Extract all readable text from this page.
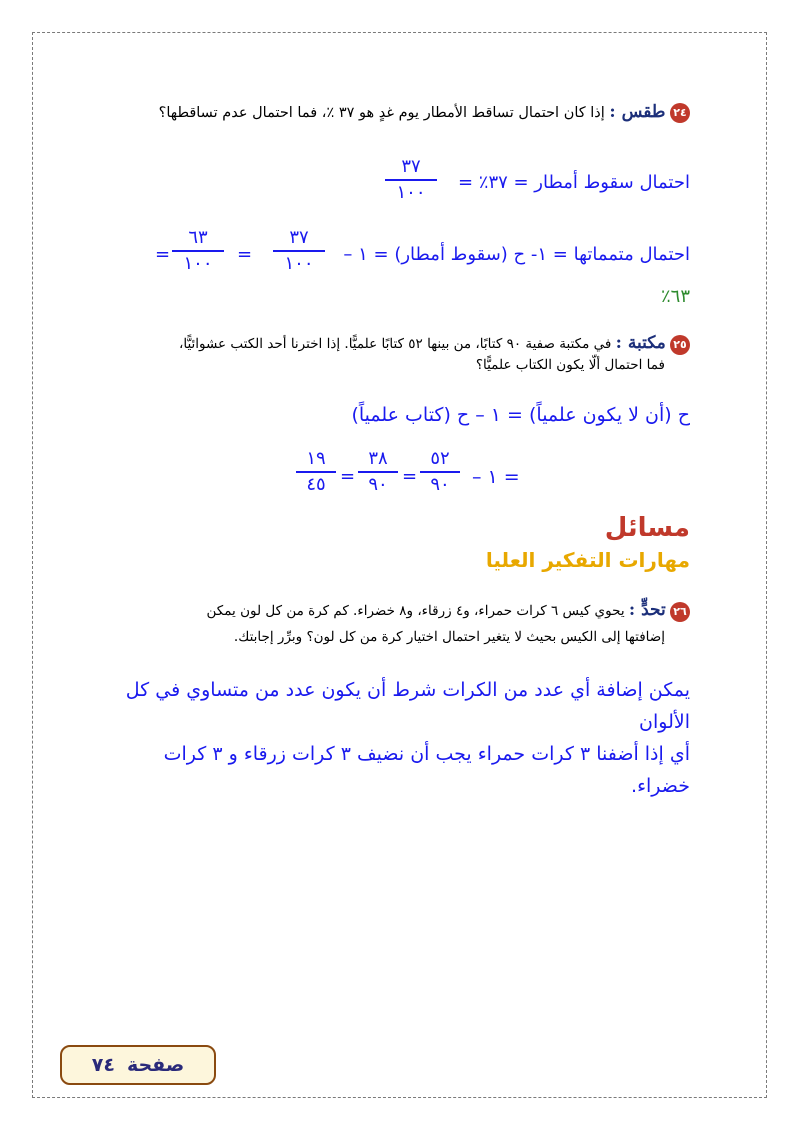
٢٤ طقس : إذا كان احتمال تساقط الأمطار يوم غدٍ هو ٣٧ ٪، فما احتمال عدم تساقطها؟
احتمال سقوط أمطار = ٣٧٪ =
٣٧
١٠٠
احتمال متمماتها = ١- ح (سقوط أمطار) = ١ –
٣٧
١٠٠
=
٦٣
١٠٠
=
٦٣٪
٢٥ مكتبة : في مكتبة صفية ٩٠ كتابًا، من بينها ٥٢ كتابًا علميًّا. إذا اخترنا أحد الكتب عشوائيًّا،
فما احتمال ألّا يكون الكتاب علميًّا؟
ح (أن لا يكون علمياً) = ١ – ح (كتاب علمياً)
= ١ –
٥٢
٩٠
=
٣٨
٩٠
=
١٩
٤٥
مسائل
مهارات التفكير العليا
٢٦ تحدٍّ : يحوي كيس ٦ كرات حمراء، و٤ زرقاء، و٨ خضراء. كم كرة من كل لون يمكن
إضافتها إلى الكيس بحيث لا يتغير احتمال اختيار كرة من كل لون؟ وبرِّر إجابتك.
يمكن إضافة أي عدد من الكرات شرط أن يكون عدد من متساوي في كل الألوان
أي إذا أضفنا ٣ كرات حمراء يجب أن نضيف ٣ كرات زرقاء و ٣ كرات خضراء.
صفحة
٧٤
